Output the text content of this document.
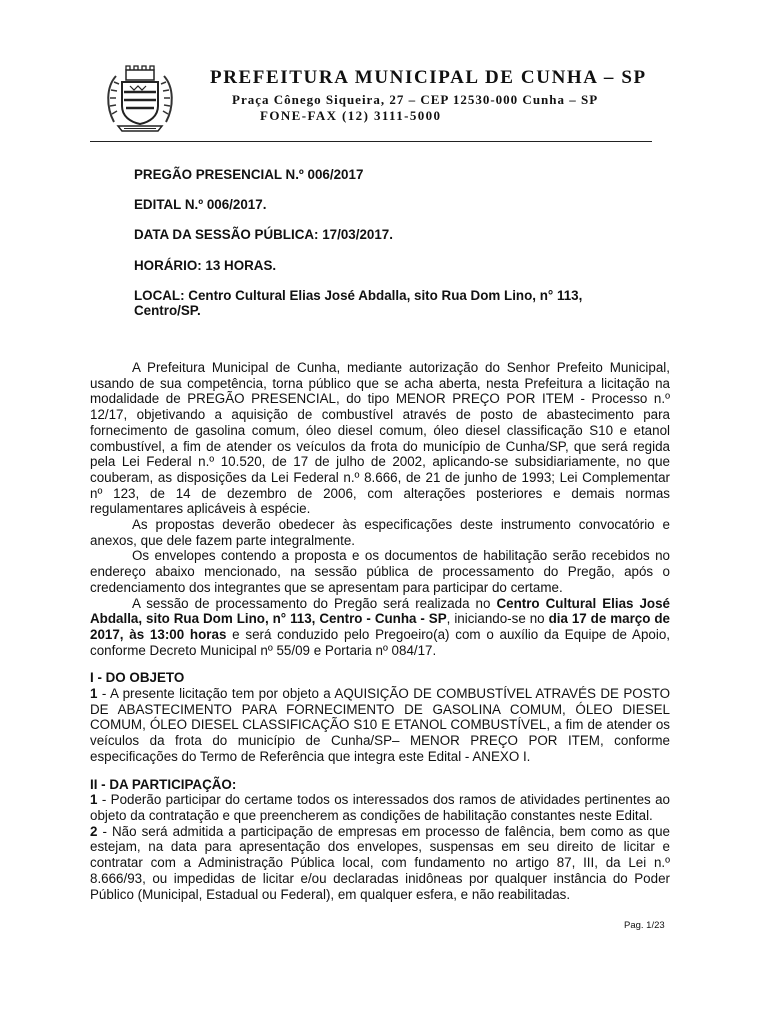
PREFEITURA MUNICIPAL DE CUNHA – SP
Praça Cônego Siqueira, 27 – CEP 12530-000 Cunha – SP
FONE-FAX (12) 3111-5000
PREGÃO PRESENCIAL N.º 006/2017
EDITAL N.º 006/2017.
DATA DA SESSÃO PÚBLICA: 17/03/2017.
HORÁRIO: 13 HORAS.
LOCAL: Centro Cultural Elias José Abdalla, sito Rua Dom Lino, n° 113,
Centro/SP.

A Prefeitura Municipal de Cunha, mediante autorização do Senhor Prefeito Municipal, usando de sua competência, torna público que se acha aberta, nesta Prefeitura a licitação na modalidade de PREGÃO PRESENCIAL, do tipo MENOR PREÇO POR ITEM - Processo n.º 12/17, objetivando a aquisição de combustível através de posto de abastecimento para fornecimento de gasolina comum, óleo diesel comum, óleo diesel classificação S10 e etanol combustível, a fim de atender os veículos da frota do município de Cunha/SP, que será regida pela Lei Federal n.º 10.520, de 17 de julho de 2002, aplicando-se subsidiariamente, no que couberam, as disposições da Lei Federal n.º 8.666, de 21 de junho de 1993; Lei Complementar nº 123, de 14 de dezembro de 2006, com alterações posteriores e demais normas regulamentares aplicáveis à espécie.

As propostas deverão obedecer às especificações deste instrumento convocatório e anexos, que dele fazem parte integralmente.

Os envelopes contendo a proposta e os documentos de habilitação serão recebidos no endereço abaixo mencionado, na sessão pública de processamento do Pregão, após o credenciamento dos integrantes que se apresentam para participar do certame.

A sessão de processamento do Pregão será realizada no Centro Cultural Elias José Abdalla, sito Rua Dom Lino, n° 113, Centro - Cunha - SP, iniciando-se no dia 17 de março de 2017, às 13:00 horas e será conduzido pelo Pregoeiro(a) com o auxílio da Equipe de Apoio, conforme Decreto Municipal nº 55/09 e Portaria nº 084/17.

I - DO OBJETO

1 - A presente licitação tem por objeto a AQUISIÇÃO DE COMBUSTÍVEL ATRAVÉS DE POSTO DE ABASTECIMENTO PARA FORNECIMENTO DE GASOLINA COMUM, ÓLEO DIESEL COMUM, ÓLEO DIESEL CLASSIFICAÇÃO S10 E ETANOL COMBUSTÍVEL, a fim de atender os veículos da frota do município de Cunha/SP– MENOR PREÇO POR ITEM, conforme especificações do Termo de Referência que integra este Edital - ANEXO I.

II - DA PARTICIPAÇÃO:

1 - Poderão participar do certame todos os interessados dos ramos de atividades pertinentes ao objeto da contratação e que preencherem as condições de habilitação constantes neste Edital.

2 - Não será admitida a participação de empresas em processo de falência, bem como as que estejam, na data para apresentação dos envelopes, suspensas em seu direito de licitar e contratar com a Administração Pública local, com fundamento no artigo 87, III, da Lei n.º 8.666/93, ou impedidas de licitar e/ou declaradas inidôneas por qualquer instância do Poder Público (Municipal, Estadual ou Federal), em qualquer esfera, e não reabilitadas.

Pag. 1/23
